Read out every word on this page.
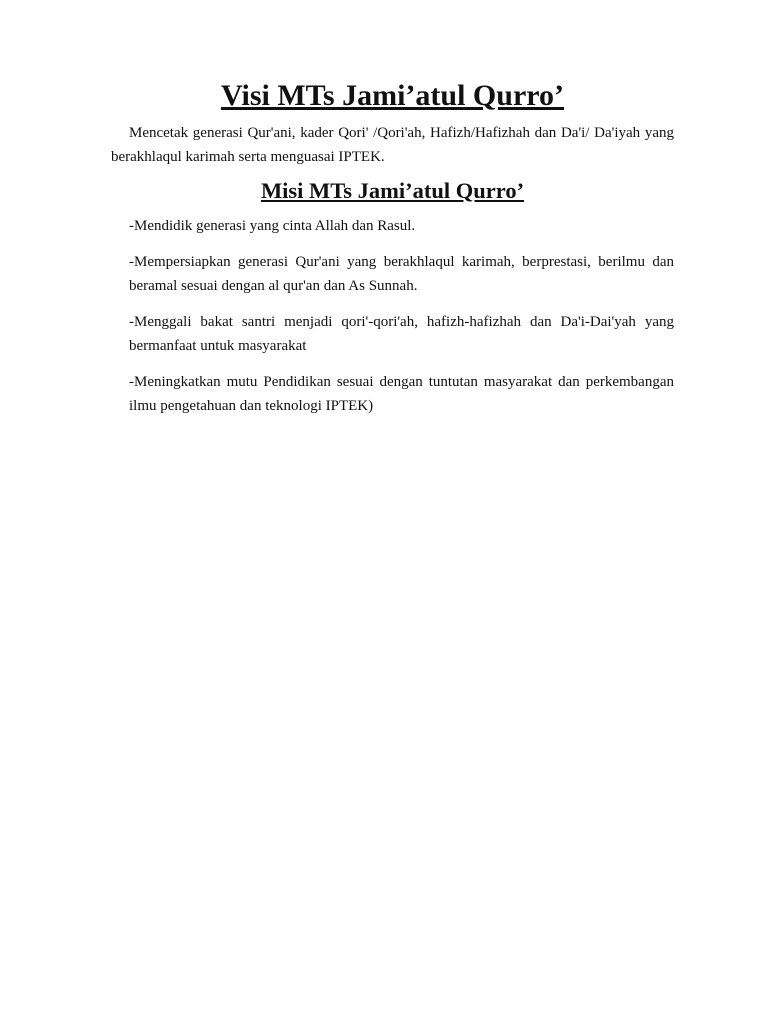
Visi MTs Jami’atul Qurro’

Mencetak generasi Qur'ani, kader Qori' /Qori'ah, Hafizh/Hafizhah dan Da'i/ Da'iyah yang berakhlaqul karimah serta menguasai IPTEK.

Misi MTs Jami’atul Qurro’
-Mendidik generasi yang cinta Allah dan Rasul.
-Mempersiapkan generasi Qur'ani yang berakhlaqul karimah, berprestasi, berilmu dan beramal sesuai dengan al qur'an dan As Sunnah.
-Menggali bakat santri menjadi qori'-qori'ah, hafizh-hafizhah dan Da'i-Dai'yah yang bermanfaat untuk masyarakat
-Meningkatkan mutu Pendidikan sesuai dengan tuntutan masyarakat dan perkembangan ilmu pengetahuan dan teknologi IPTEK)
